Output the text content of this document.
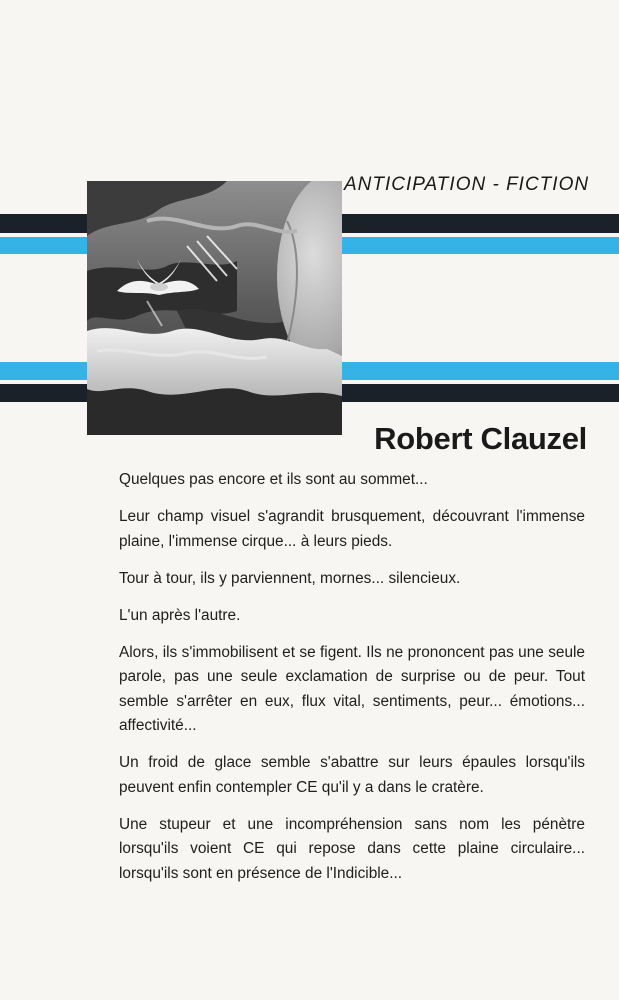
ANTICIPATION - FICTION
Robert Clauzel

Quelques pas encore et ils sont au sommet...

Leur champ visuel s'agrandit brusquement, découvrant l'immense plaine, l'immense cirque... à leurs pieds.

Tour à tour, ils y parviennent, mornes... silencieux.

L'un après l'autre.

Alors, ils s'immobilisent et se figent. Ils ne prononcent pas une seule parole, pas une seule exclamation de surprise ou de peur. Tout semble s'arrêter en eux, flux vital, sentiments, peur... émotions... affectivité...

Un froid de glace semble s'abattre sur leurs épaules lorsqu'ils peuvent enfin contempler CE qu'il y a dans le cratère.

Une stupeur et une incompréhension sans nom les pénètre lorsqu'ils voient CE qui repose dans cette plaine circulaire... lorsqu'ils sont en présence de l'Indicible...
